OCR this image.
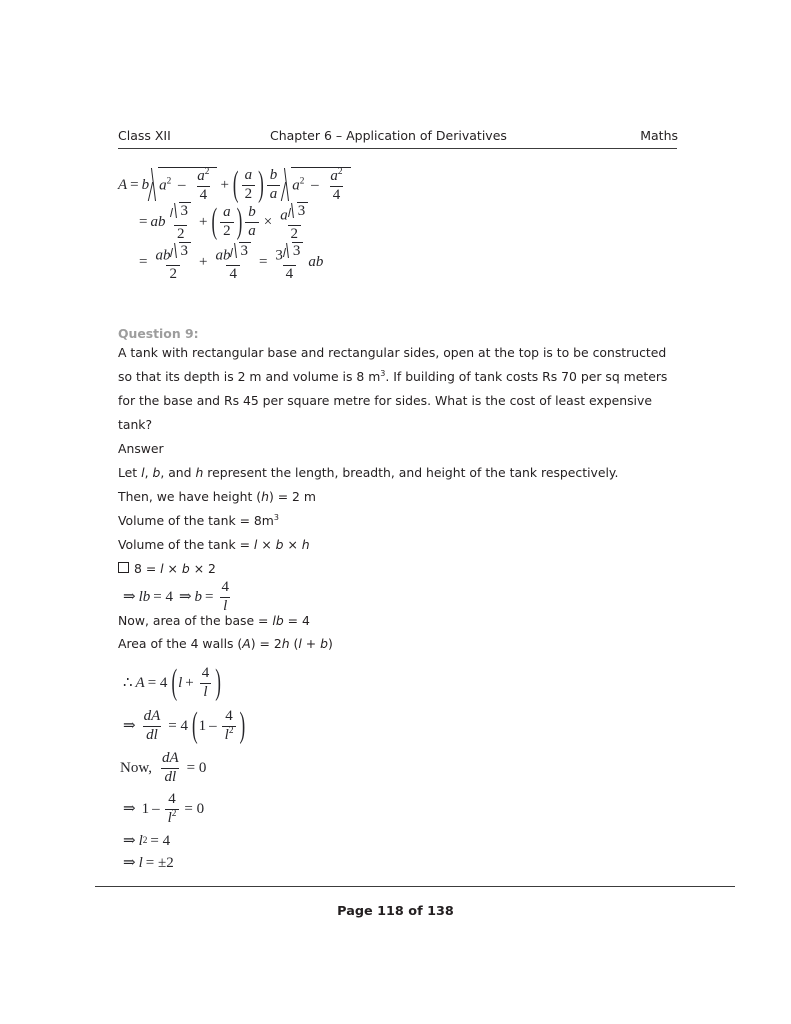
Class XII	Chapter 6 – Application of Derivatives	Maths
A = b $a^2 - \frac{a^2}{4}$ + ( $\frac{a}{2}$ ) $\frac{b}{a} a^2 - \frac{a^2}{4}$
= ab $\frac{3}{2}$ + ( $\frac{a}{2}$ ) $\frac{b}{a} \times \frac{a 3}{2}$
= $\frac{ab 3}{2} + \frac{ab 3}{4} = \frac{3 3}{4}$ ab
Question 9:
A tank with rectangular base and rectangular sides, open at the top is to be constructed
so that its depth is 2 m and volume is 8 $m^3$. If building of tank costs Rs 70 per sq meters
for the base and Rs 45 per square metre for sides. What is the cost of least expensive
tank?
Answer
Let l, b, and h represent the length, breadth, and height of the tank respectively.
Then, we have height (h) = 2 m
Volume of the $\tan k = 8m^3$
Volume of the tank = l × b × h
8 = l × b × 2
⇒ lb = 4 ⇒ $b = \frac{4}{l}$
Now, area of the base = lb = 4
Area of the 4 walls (A) = 2h (l + b)
∴ A = 4 ( $l + \frac{4}{l}$ )
⇒ $\frac{dA}{dl} = 4$ ( $1 - \frac{4}{l^2}$ )
Now, $\frac{dA}{dl} = 0$
⇒ $1 - \frac{4}{l^2} = 0$
⇒ l 2 = 4
⇒ l = ±2
Page 118 of 138
